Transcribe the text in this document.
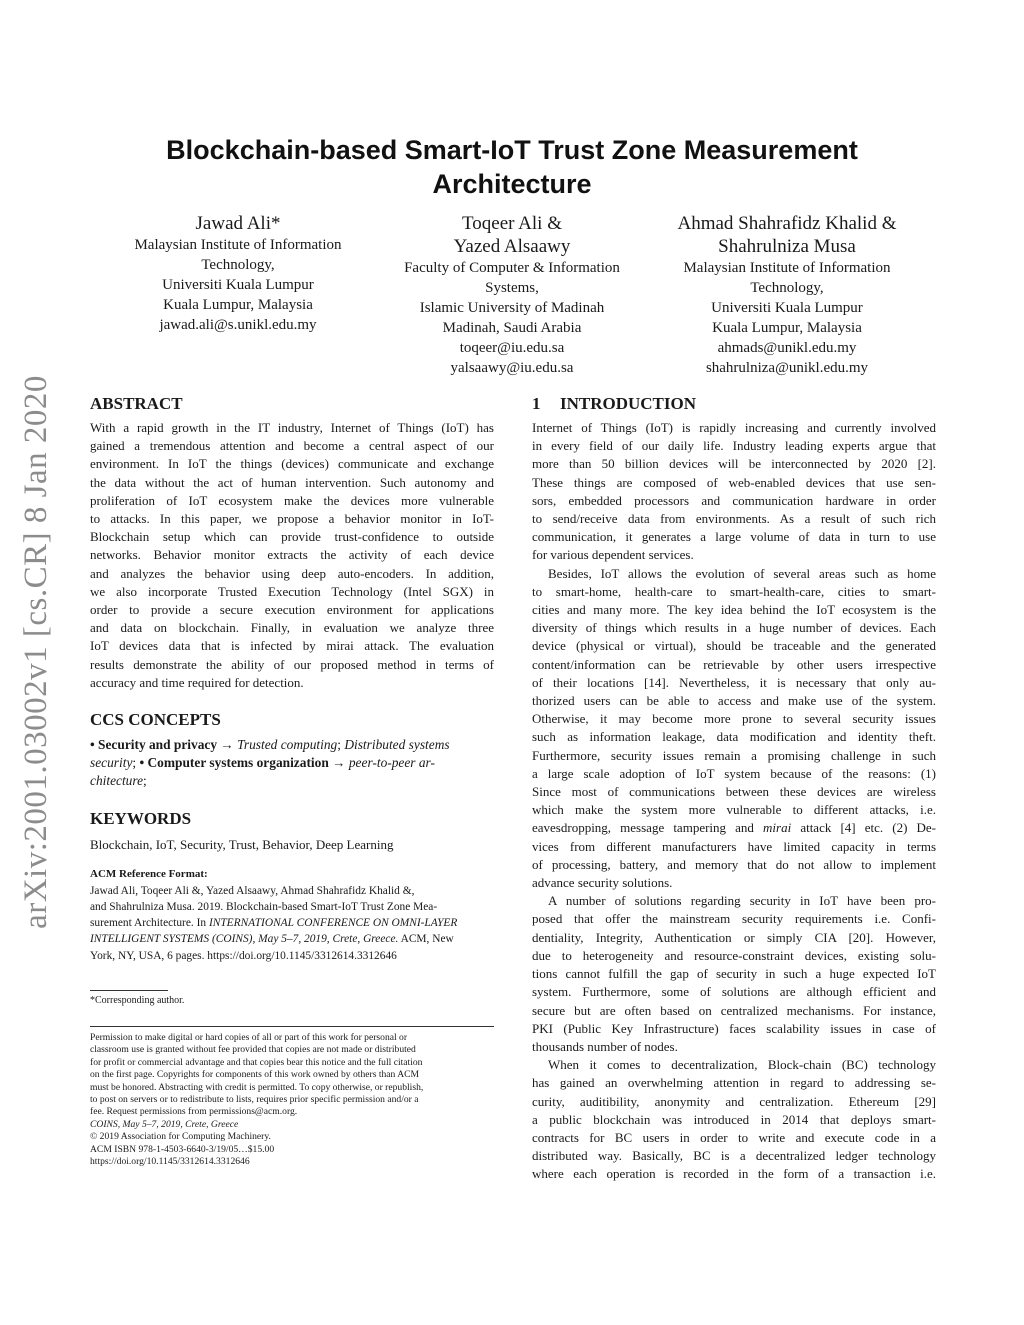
arXiv:2001.03002v1 [cs.CR] 8 Jan 2020
Blockchain-based Smart-IoT Trust Zone Measurement
Architecture
Jawad Ali*
Malaysian Institute of Information
Technology,
Universiti Kuala Lumpur
Kuala Lumpur, Malaysia
jawad.ali@s.unikl.edu.my
Toqeer Ali &
Yazed Alsaawy
Faculty of Computer & Information
Systems,
Islamic University of Madinah
Madinah, Saudi Arabia
toqeer@iu.edu.sa
yalsaawy@iu.edu.sa
Ahmad Shahrafidz Khalid &
Shahrulniza Musa
Malaysian Institute of Information
Technology,
Universiti Kuala Lumpur
Kuala Lumpur, Malaysia
ahmads@unikl.edu.my
shahrulniza@unikl.edu.my
ABSTRACT
With a rapid growth in the IT industry, Internet of Things (IoT) has
gained a tremendous attention and become a central aspect of our
environment. In IoT the things (devices) communicate and exchange
the data without the act of human intervention. Such autonomy and
proliferation of IoT ecosystem make the devices more vulnerable
to attacks. In this paper, we propose a behavior monitor in IoT-
Blockchain setup which can provide trust-confidence to outside
networks. Behavior monitor extracts the activity of each device
and analyzes the behavior using deep auto-encoders. In addition,
we also incorporate Trusted Execution Technology (Intel SGX) in
order to provide a secure execution environment for applications
and data on blockchain. Finally, in evaluation we analyze three
IoT devices data that is infected by mirai attack. The evaluation
results demonstrate the ability of our proposed method in terms of
accuracy and time required for detection.
CCS CONCEPTS
• Security and privacy → Trusted computing; Distributed systems
security; • Computer systems organization → peer-to-peer ar-
chitecture;
KEYWORDS
Blockchain, IoT, Security, Trust, Behavior, Deep Learning
ACM Reference Format:
Jawad Ali, Toqeer Ali &, Yazed Alsaawy, Ahmad Shahrafidz Khalid &,
and Shahrulniza Musa. 2019. Blockchain-based Smart-IoT Trust Zone Mea-
surement Architecture. In INTERNATIONAL CONFERENCE ON OMNI-LAYER
INTELLIGENT SYSTEMS (COINS), May 5–7, 2019, Crete, Greece. ACM, New
York, NY, USA, 6 pages. https://doi.org/10.1145/3312614.3312646
*Corresponding author.
Permission to make digital or hard copies of all or part of this work for personal or
classroom use is granted without fee provided that copies are not made or distributed
for profit or commercial advantage and that copies bear this notice and the full citation
on the first page. Copyrights for components of this work owned by others than ACM
must be honored. Abstracting with credit is permitted. To copy otherwise, or republish,
to post on servers or to redistribute to lists, requires prior specific permission and/or a
fee. Request permissions from permissions@acm.org.
COINS, May 5–7, 2019, Crete, Greece
© 2019 Association for Computing Machinery.
ACM ISBN 978-1-4503-6640-3/19/05…$15.00
https://doi.org/10.1145/3312614.3312646
1 INTRODUCTION
Internet of Things (IoT) is rapidly increasing and currently involved
in every field of our daily life. Industry leading experts argue that
more than 50 billion devices will be interconnected by 2020 [2].
These things are composed of web-enabled devices that use sen-
sors, embedded processors and communication hardware in order
to send/receive data from environments. As a result of such rich
communication, it generates a large volume of data in turn to use
for various dependent services.
Besides, IoT allows the evolution of several areas such as home
to smart-home, health-care to smart-health-care, cities to smart-
cities and many more. The key idea behind the IoT ecosystem is the
diversity of things which results in a huge number of devices. Each
device (physical or virtual), should be traceable and the generated
content/information can be retrievable by other users irrespective
of their locations [14]. Nevertheless, it is necessary that only au-
thorized users can be able to access and make use of the system.
Otherwise, it may become more prone to several security issues
such as information leakage, data modification and identity theft.
Furthermore, security issues remain a promising challenge in such
a large scale adoption of IoT system because of the reasons: (1)
Since most of communications between these devices are wireless
which make the system more vulnerable to different attacks, i.e.
eavesdropping, message tampering and mirai attack [4] etc. (2) De-
vices from different manufacturers have limited capacity in terms
of processing, battery, and memory that do not allow to implement
advance security solutions.
A number of solutions regarding security in IoT have been pro-
posed that offer the mainstream security requirements i.e. Confi-
dentiality, Integrity, Authentication or simply CIA [20]. However,
due to heterogeneity and resource-constraint devices, existing solu-
tions cannot fulfill the gap of security in such a huge expected IoT
system. Furthermore, some of solutions are although efficient and
secure but are often based on centralized mechanisms. For instance,
PKI (Public Key Infrastructure) faces scalability issues in case of
thousands number of nodes.
When it comes to decentralization, Block-chain (BC) technology
has gained an overwhelming attention in regard to addressing se-
curity, auditibility, anonymity and centralization. Ethereum [29]
a public blockchain was introduced in 2014 that deploys smart-
contracts for BC users in order to write and execute code in a
distributed way. Basically, BC is a decentralized ledger technology
where each operation is recorded in the form of a transaction i.e.
